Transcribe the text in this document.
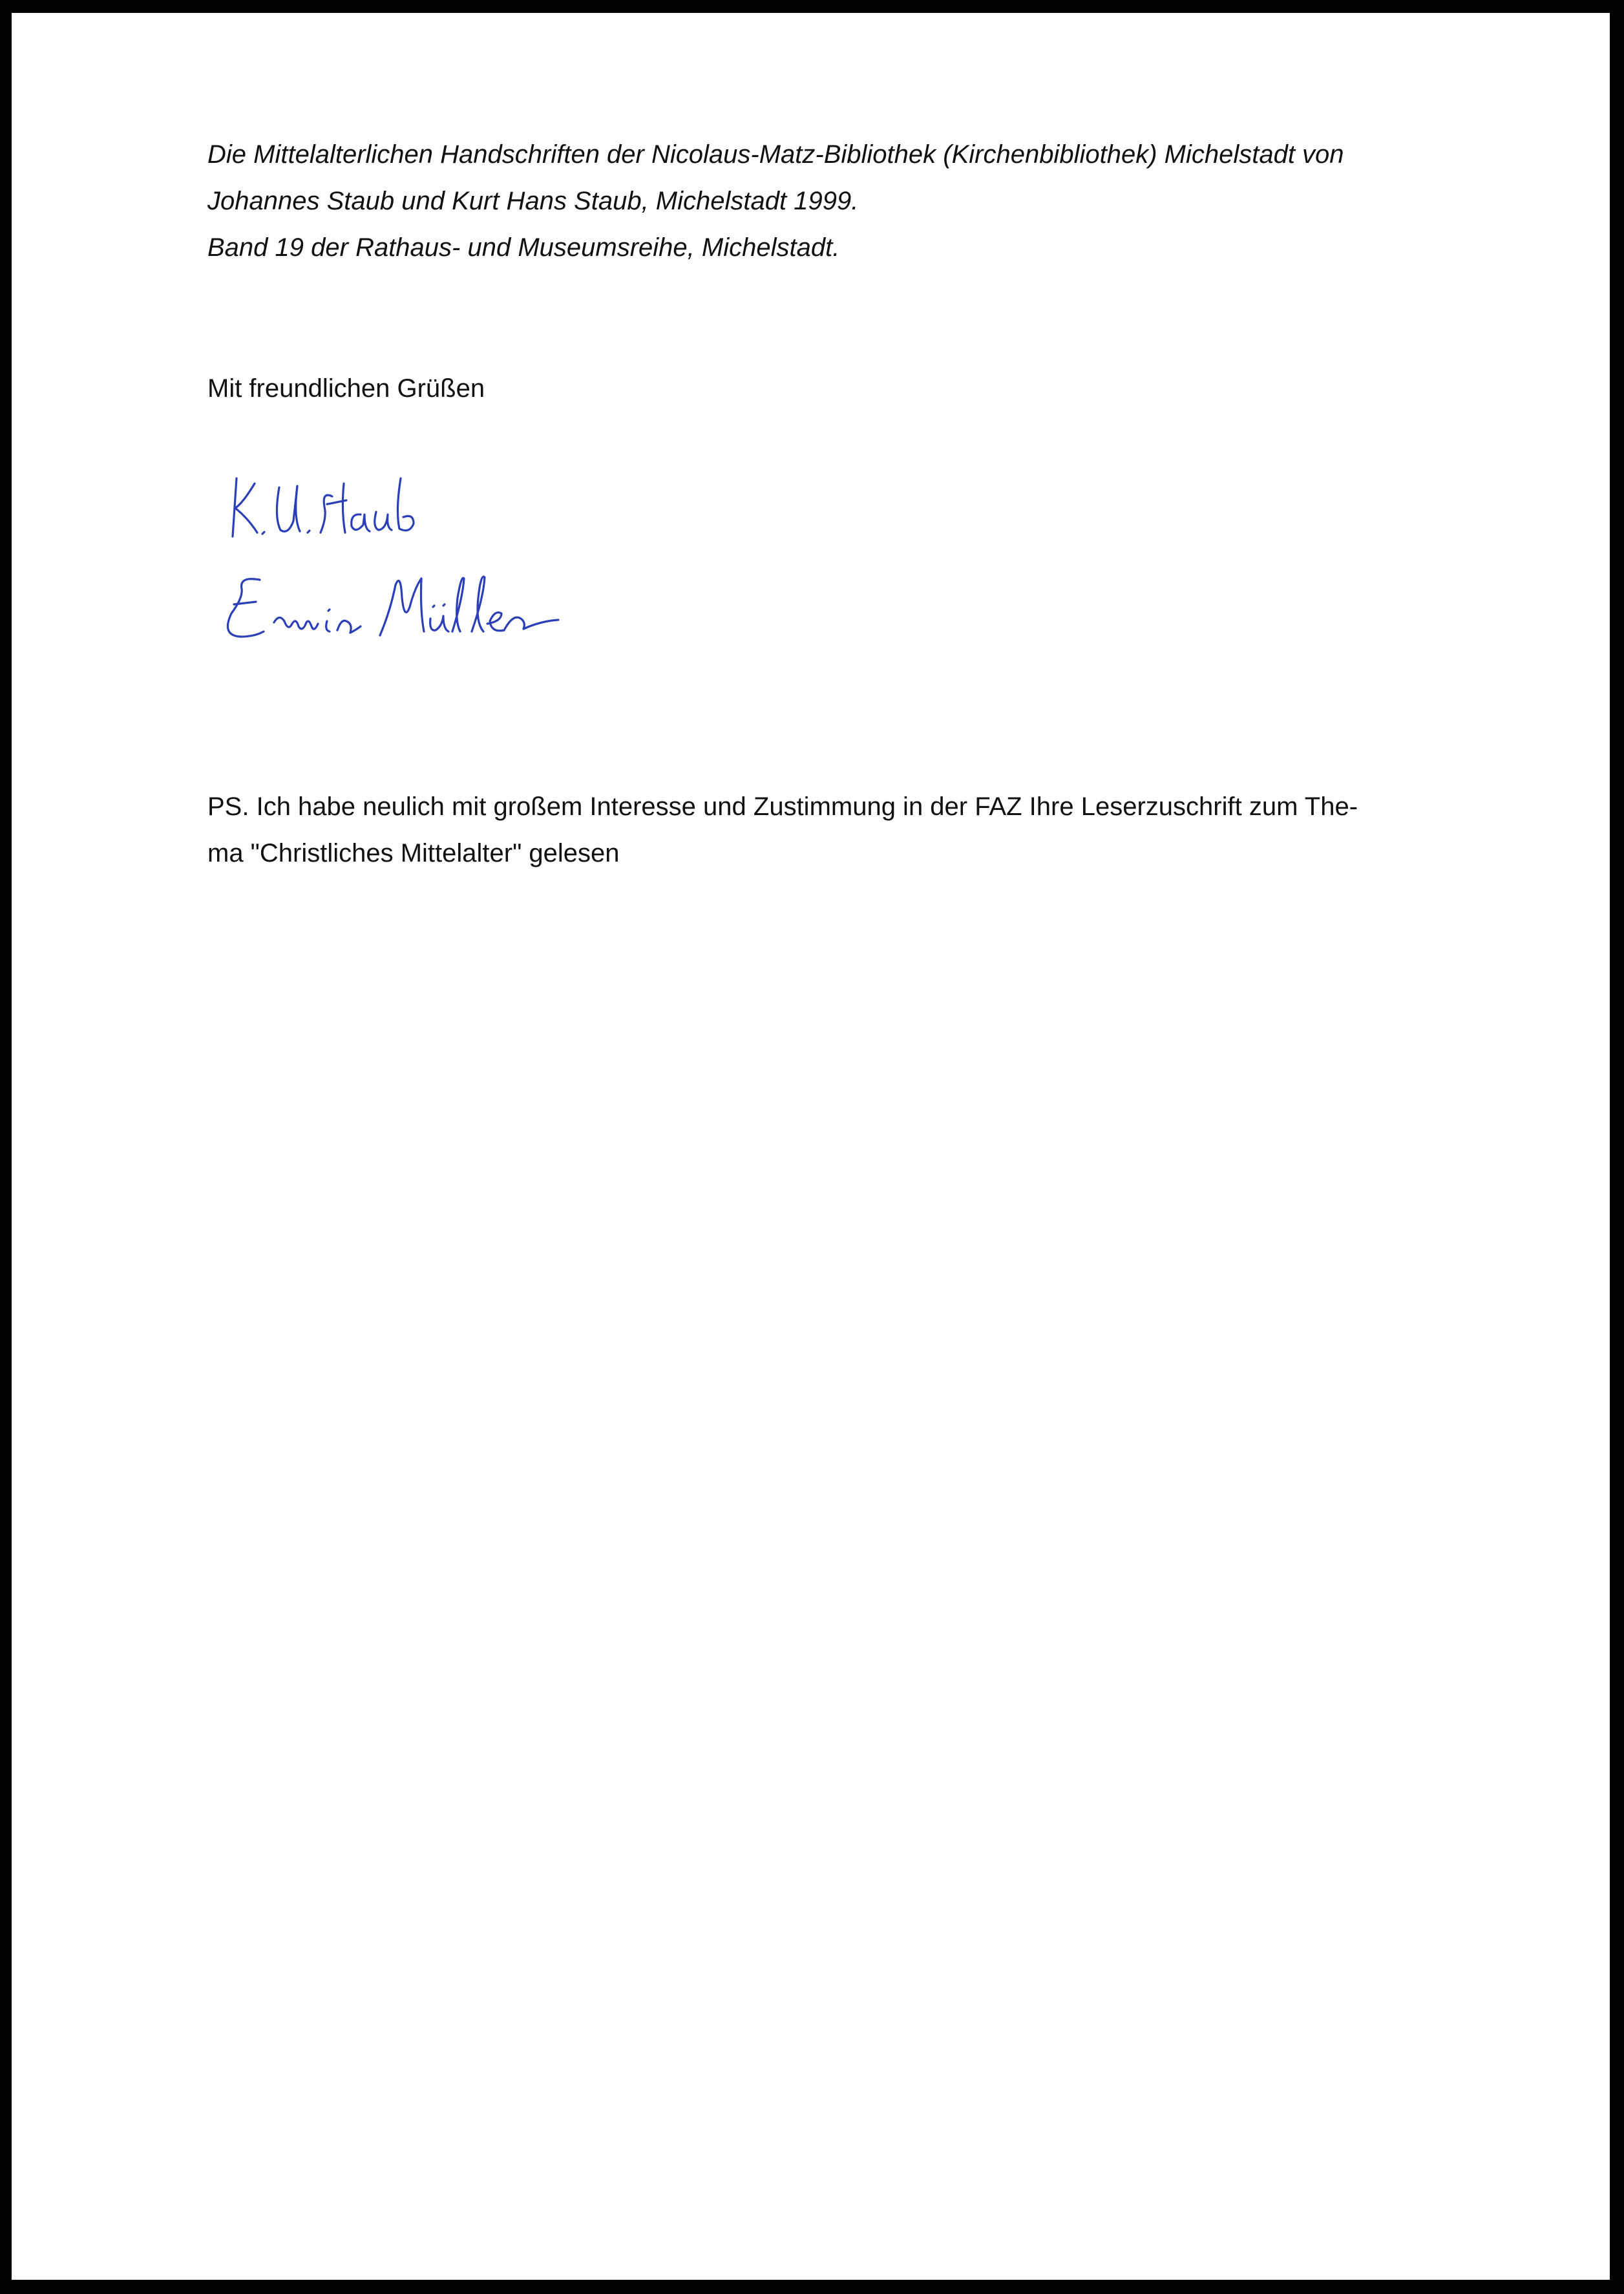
Die Mittelalterlichen Handschriften der Nicolaus-Matz-Bibliothek (Kirchenbibliothek) Michelstadt von
Johannes Staub und Kurt Hans Staub, Michelstadt 1999.
Band 19 der Rathaus- und Museumsreihe, Michelstadt.
Mit freundlichen Grüßen
PS. Ich habe neulich mit großem Interesse und Zustimmung in der FAZ Ihre Leserzuschrift zum The-
ma "Christliches Mittelalter" gelesen
